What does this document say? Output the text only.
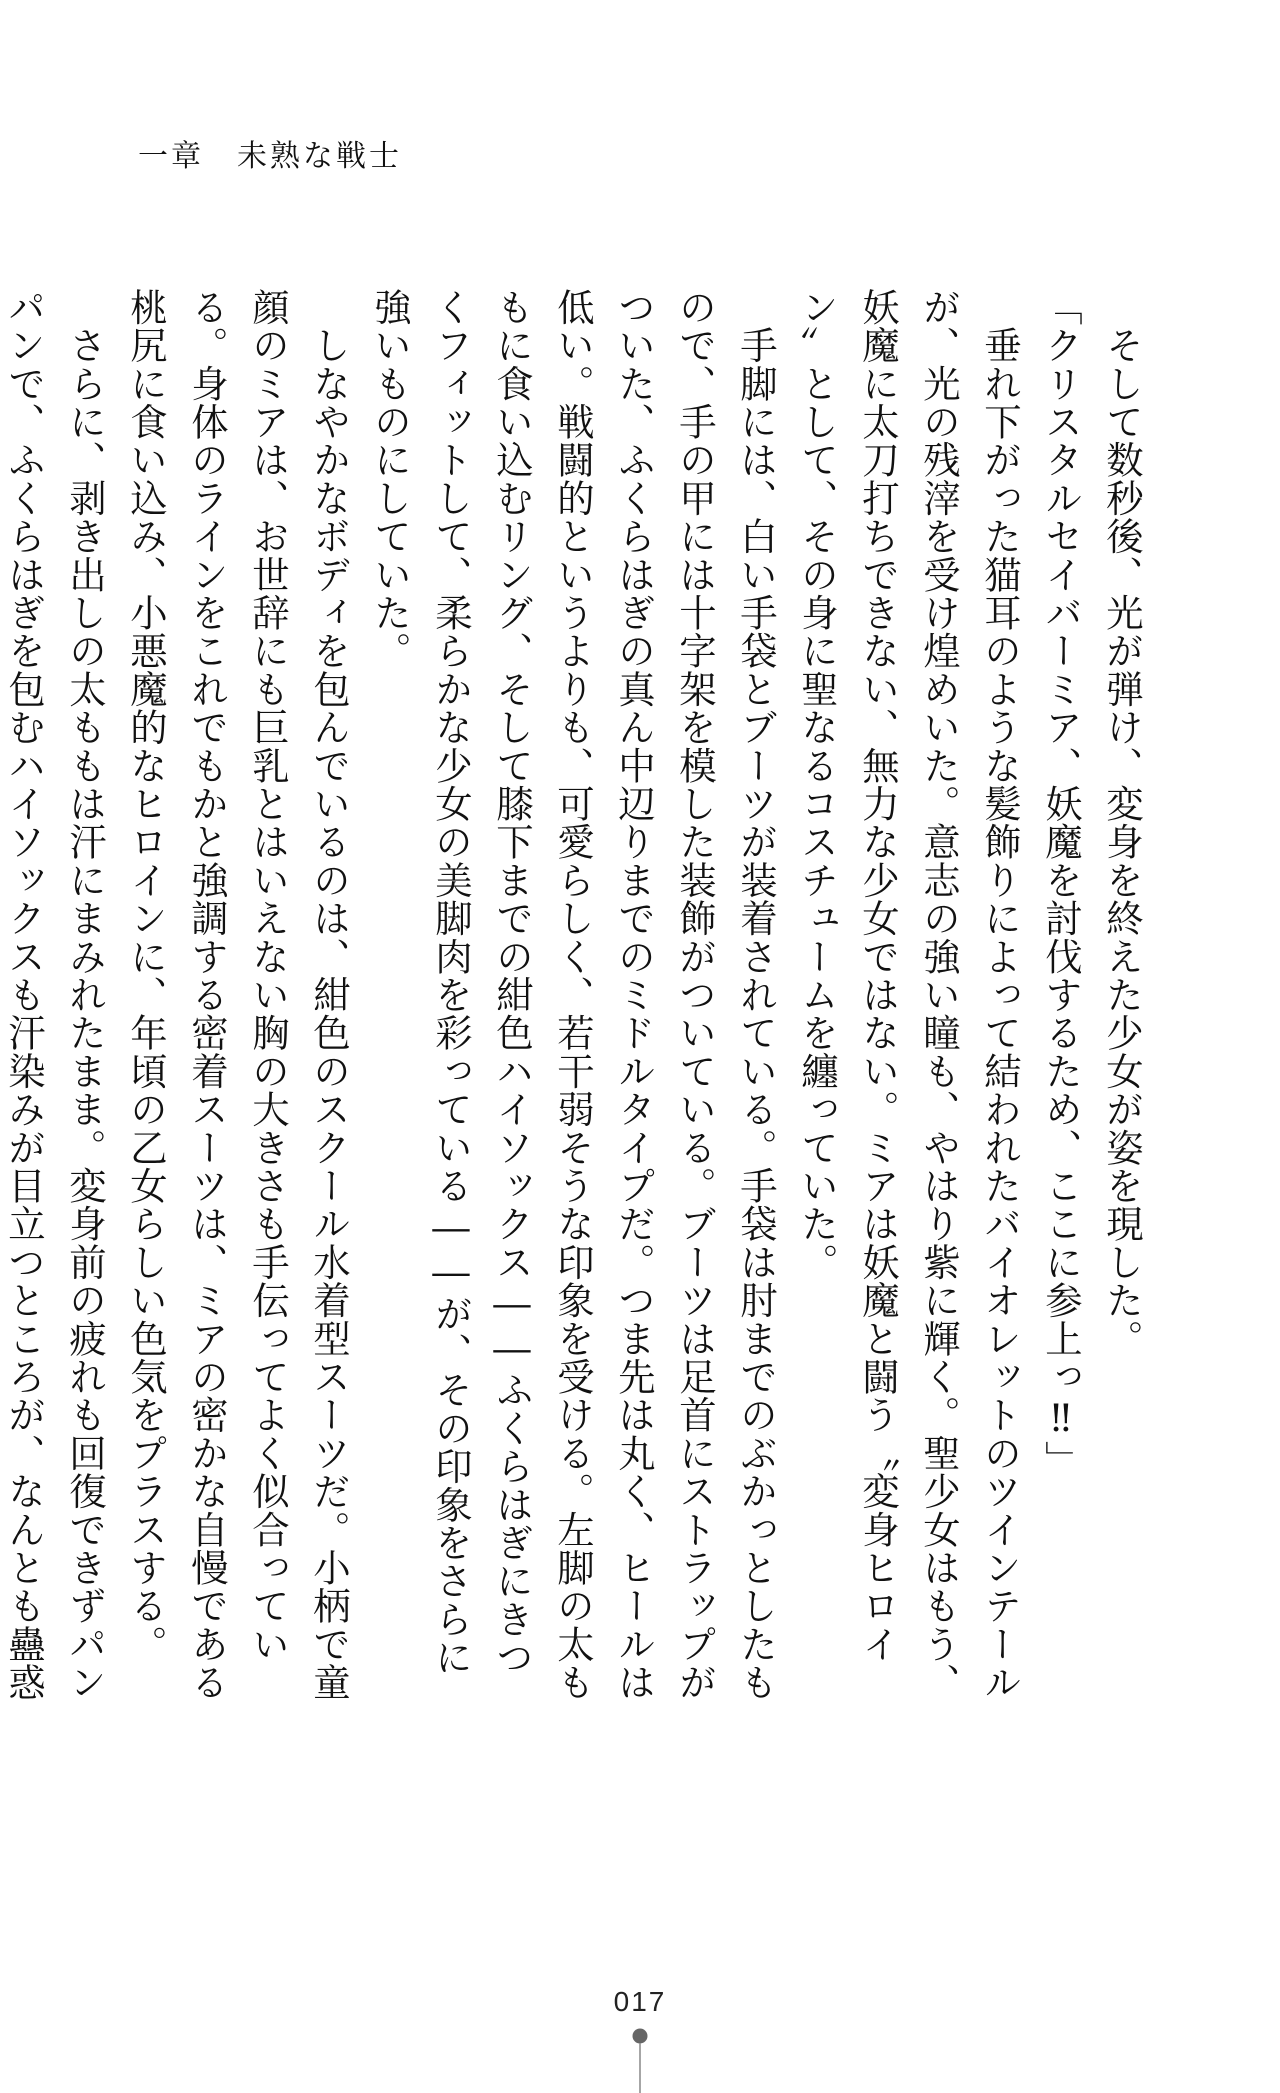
一章　未熟な戦士

　そして数秒後、光が弾け、変身を終えた少女が姿を現した。

「クリスタルセイバーミア、妖魔を討伐するため、ここに参上っ‼」

　垂れ下がった猫耳のような髪飾りによって結われたバイオレットのツインテールが、光の残滓を受け煌めいた。意志の強い瞳も、やはり紫に輝く。聖少女はもう、妖魔に太刀打ちできない、無力な少女ではない。ミアは妖魔と闘う〝変身ヒロイン〟として、その身に聖なるコスチュームを纏っていた。

　手脚には、白い手袋とブーツが装着されている。手袋は肘までのぶかっとしたもので、手の甲には十字架を模した装飾がついている。ブーツは足首にストラップがついた、ふくらはぎの真ん中辺りまでのミドルタイプだ。つま先は丸く、ヒールは低い。戦闘的というよりも、可愛らしく、若干弱そうな印象を受ける。左脚の太ももに食い込むリング、そして膝下までの紺色ハイソックス――ふくらはぎにきつくフィットして、柔らかな少女の美脚肉を彩っている――が、その印象をさらに強いものにしていた。

　しなやかなボディを包んでいるのは、紺色のスクール水着型スーツだ。小柄で童顔のミアは、お世辞にも巨乳とはいえない胸の大きさも手伝ってよく似合っている。身体のラインをこれでもかと強調する密着スーツは、ミアの密かな自慢である桃尻に食い込み、小悪魔的なヒロインに、年頃の乙女らしい色気をプラスする。

　さらに、剥き出しの太ももは汗にまみれたまま。変身前の疲れも回復できずパンパンで、ふくらはぎを包むハイソックスも汗染みが目立つところが、なんとも蠱惑

017
